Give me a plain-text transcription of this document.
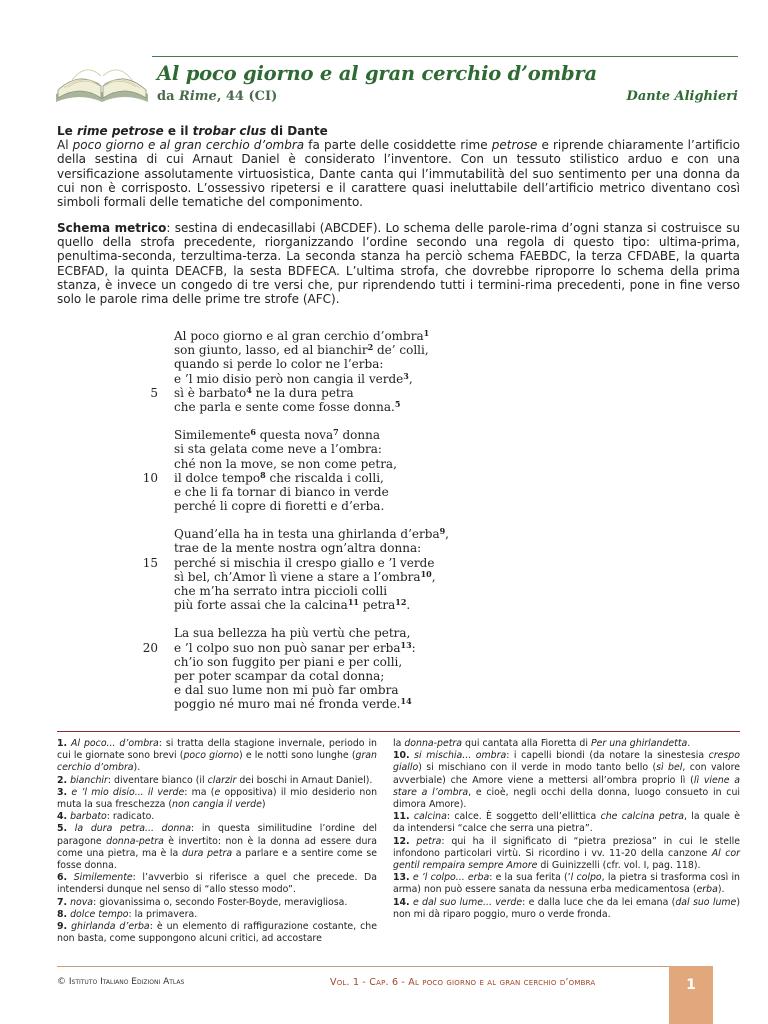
Al poco giorno e al gran cerchio d’ombra
da Rime, 44 (CI)	Dante Alighieri
Le rime petrose e il trobar clus di Dante
Al poco giorno e al gran cerchio d’ombra fa parte delle cosiddette rime petrose e riprende chiaramente l’artificio della sestina di cui Arnaut Daniel è considerato l’inventore. Con un tessuto stilistico arduo e con una versificazione assolutamente virtuosistica, Dante canta qui l’immutabilità del suo sentimento per una donna da cui non è corrisposto. L’ossessivo ripetersi e il carattere quasi ineluttabile dell’artificio metrico diventano così simboli formali delle tematiche del componimento.
Schema metrico: sestina di endecasillabi (ABCDEF). Lo schema delle parole-rima d’ogni stanza si costruisce su quello della strofa precedente, riorganizzando l’ordine secondo una regola di questo tipo: ultima-prima, penultima-seconda, terzultima-terza. La seconda stanza ha perciò schema FAEBDC, la terza CFDABE, la quarta ECBFAD, la quinta DEACFB, la sesta BDFECA. L’ultima strofa, che dovrebbe riproporre lo schema della prima stanza, è invece un congedo di tre versi che, pur riprendendo tutti i termini-rima precedenti, pone in fine verso solo le parole rima delle prime tre strofe (AFC).
Al poco giorno e al gran cerchio d’ombra$^1$
son giunto, lasso, ed al bianchir$^2$ de’ colli,
quando si perde lo color ne l’erba:
e ’l mio disio però non cangia il verde$^3$,
5 sì è barbato$^4$ ne la dura petra
che parla e sente come fosse donna.$^5$
Similemente$^6$ questa nova$^7$ donna
si sta gelata come neve a l’ombra:
ché non la move, se non come petra,
10 il dolce tempo$^8$ che riscalda i colli,
e che li fa tornar di bianco in verde
perché li copre di fioretti e d’erba.
Quand’ella ha in testa una ghirlanda d’erba$^9$,
trae de la mente nostra ogn’altra donna:
15 perché si mischia il crespo giallo e ’l verde
sì bel, ch’Amor lì viene a stare a l’ombra$^{10}$,
che m’ha serrato intra piccioli colli
più forte assai che la calcina$^{11}$ petra$^{12}$.
La sua bellezza ha più vertù che petra,
20 e ’l colpo suo non può sanar per erba$^{13}$:
ch’io son fuggito per piani e per colli,
per poter scampar da cotal donna;
e dal suo lume non mi può far ombra
poggio né muro mai né fronda verde.$^{14}$
1. Al poco... d’ombra: si tratta della stagione invernale, periodo in cui le giornate sono brevi (poco giorno) e le notti sono lunghe (gran cerchio d’ombra).
2. bianchir: diventare bianco (il clarzir dei boschi in Arnaut Daniel).
3. e ’l mio disio... il verde: ma (e oppositiva) il mio desiderio non muta la sua freschezza (non cangia il verde)
4. barbato: radicato.
5. la dura petra... donna: in questa similitudine l’ordine del paragone donna-petra è invertito: non è la donna ad essere dura come una pietra, ma è la dura petra a parlare e a sentire come se fosse donna.
6. Similemente: l’avverbio si riferisce a quel che precede. Da intendersi dunque nel senso di “allo stesso modo”.
7. nova: giovanissima o, secondo Foster-Boyde, meravigliosa.
8. dolce tempo: la primavera.
9. ghirlanda d’erba: è un elemento di raffigurazione costante, che non basta, come suppongono alcuni critici, ad accostare
la donna-petra qui cantata alla Fioretta di Per una ghirlandetta.
10. si mischia... ombra: i capelli biondi (da notare la sinestesia crespo giallo) si mischiano con il verde in modo tanto bello (sì bel, con valore avverbiale) che Amore viene a mettersi all’ombra proprio lì (lì viene a stare a l’ombra, e cioè, negli occhi della donna, luogo consueto in cui dimora Amore).
11. calcina: calce. È soggetto dell’ellittica che calcina petra, la quale è da intendersi “calce che serra una pietra”.
12. petra: qui ha il significato di “pietra preziosa” in cui le stelle infondono particolari virtù. Si ricordino i vv. 11-20 della canzone Al cor gentil rempaira sempre Amore di Guinizzelli (cfr. vol. I, pag. 118).
13. e ’l colpo... erba: e la sua ferita (’l colpo, la pietra si trasforma così in arma) non può essere sanata da nessuna erba medicamentosa (erba).
14. e dal suo lume... verde: e dalla luce che da lei emana (dal suo lume) non mi dà riparo poggio, muro o verde fronda.
© Istituto Italiano Edizioni Atlas	Vol. 1 - Cap. 6 - Al poco giorno e al gran cerchio d’ombra	1
